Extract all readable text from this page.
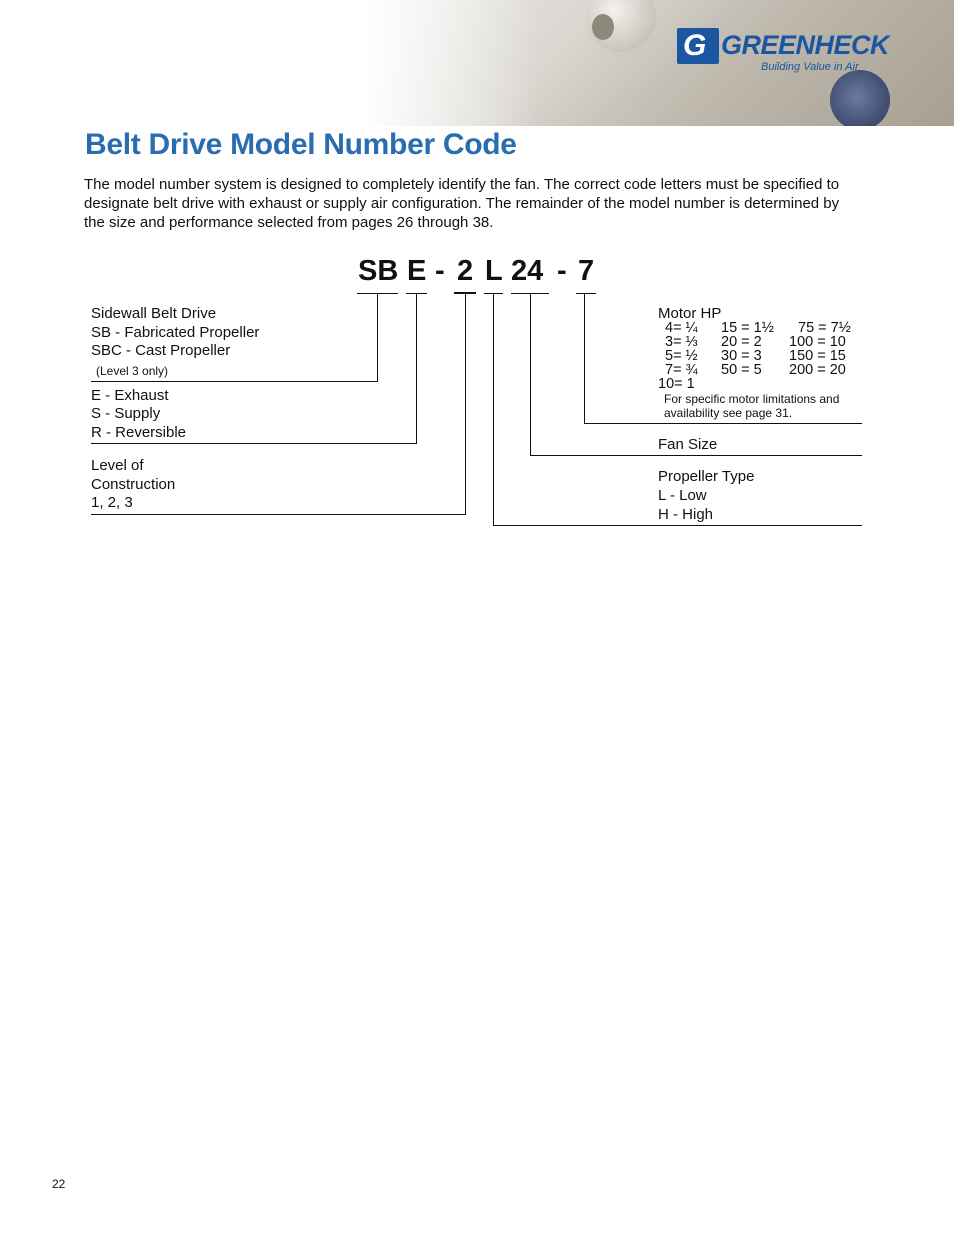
G GREENHECK
Building Value in Air
Belt Drive Model Number Code

The model number system is designed to completely identify the fan. The correct code letters must be specified to designate belt drive with exhaust or supply air configuration. The remainder of the model number is determined by the size and performance selected from pages 26 through 38.

SB E - 2 L 24 - 7

Sidewall Belt Drive

SB - Fabricated Propeller

SBC - Cast Propeller

(Level 3 only)

E - Exhaust

S - Supply

R - Reversible

Level of

Construction

1, 2, 3

Motor HP

4= ¼ 15 = 1½ 75 = 7½
3= ⅓ 20 = 2 100 = 10
5= ½ 30 = 3 150 = 15
7= ¾ 50 = 5 200 = 20
10= 1
For specific motor limitations and
availability see page 31.

Fan Size

Propeller Type

L - Low

H - High

22
